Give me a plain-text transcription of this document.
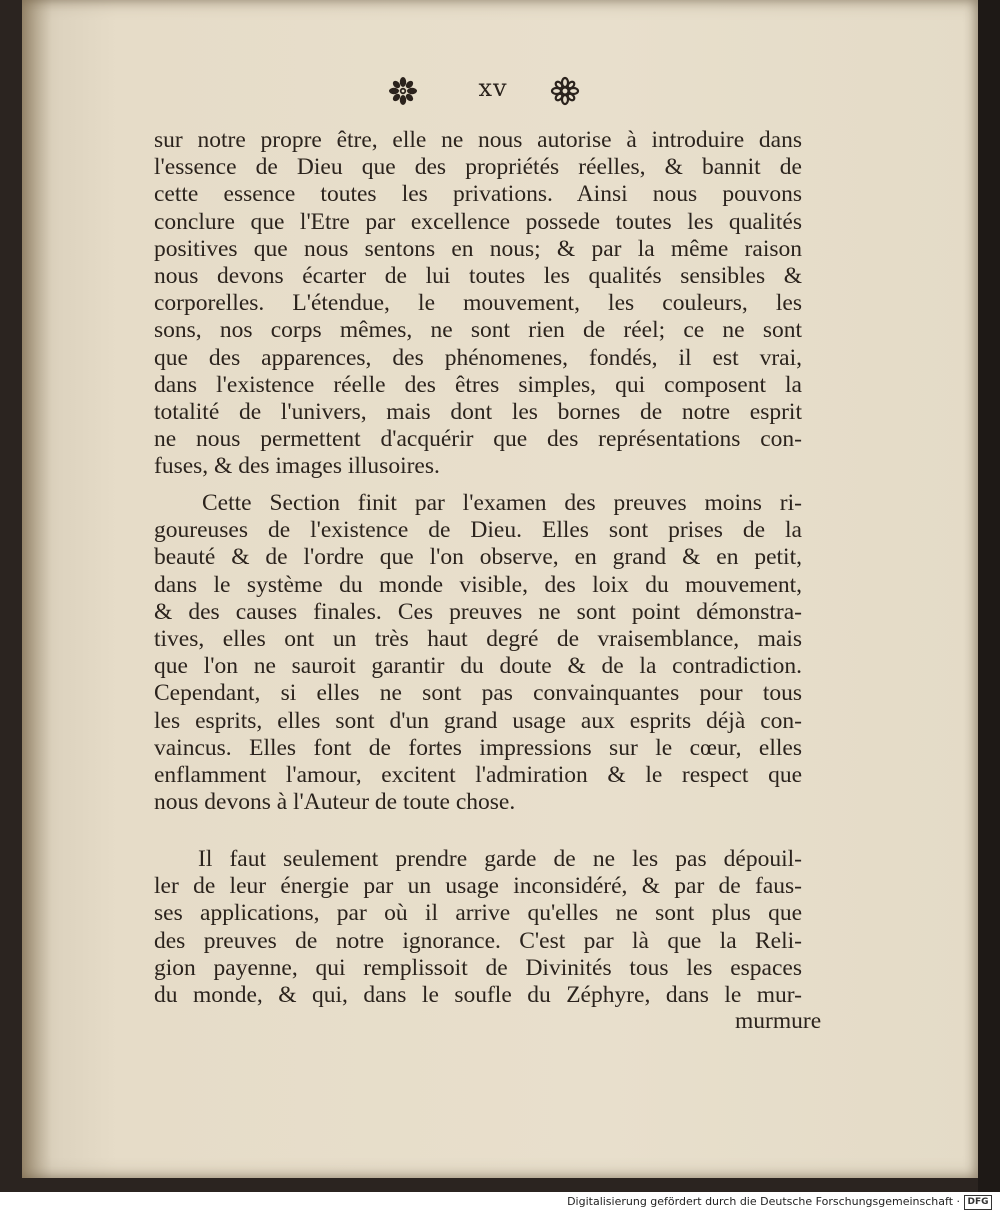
xv
sur notre propre être, elle ne nous autorise à introduire dans
l'essence de Dieu que des propriétés réelles, & bannit de
cette essence toutes les privations. Ainsi nous pouvons
conclure que l'Etre par excellence possede toutes les qualités
positives que nous sentons en nous; & par la même raison
nous devons écarter de lui toutes les qualités sensibles &
corporelles. L'étendue, le mouvement, les couleurs, les
sons, nos corps mêmes, ne sont rien de réel; ce ne sont
que des apparences, des phénomenes, fondés, il est vrai,
dans l'existence réelle des êtres simples, qui composent la
totalité de l'univers, mais dont les bornes de notre esprit
ne nous permettent d'acquérir que des représentations con-
fuses, & des images illusoires.
Cette Section finit par l'examen des preuves moins ri-
goureuses de l'existence de Dieu. Elles sont prises de la
beauté & de l'ordre que l'on observe, en grand & en petit,
dans le système du monde visible, des loix du mouvement,
& des causes finales. Ces preuves ne sont point démonstra-
tives, elles ont un très haut degré de vraisemblance, mais
que l'on ne sauroit garantir du doute & de la contradiction.
Cependant, si elles ne sont pas convainquantes pour tous
les esprits, elles sont d'un grand usage aux esprits déjà con-
vaincus. Elles font de fortes impressions sur le cœur, elles
enflamment l'amour, excitent l'admiration & le respect que
nous devons à l'Auteur de toute chose.
Il faut seulement prendre garde de ne les pas dépouil-
ler de leur énergie par un usage inconsidéré, & par de faus-
ses applications, par où il arrive qu'elles ne sont plus que
des preuves de notre ignorance. C'est par là que la Reli-
gion payenne, qui remplissoit de Divinités tous les espaces
du monde, & qui, dans le soufle du Zéphyre, dans le mur-
murmure
Digitalisierung gefördert durch die Deutsche Forschungsgemeinschaft · DFG
